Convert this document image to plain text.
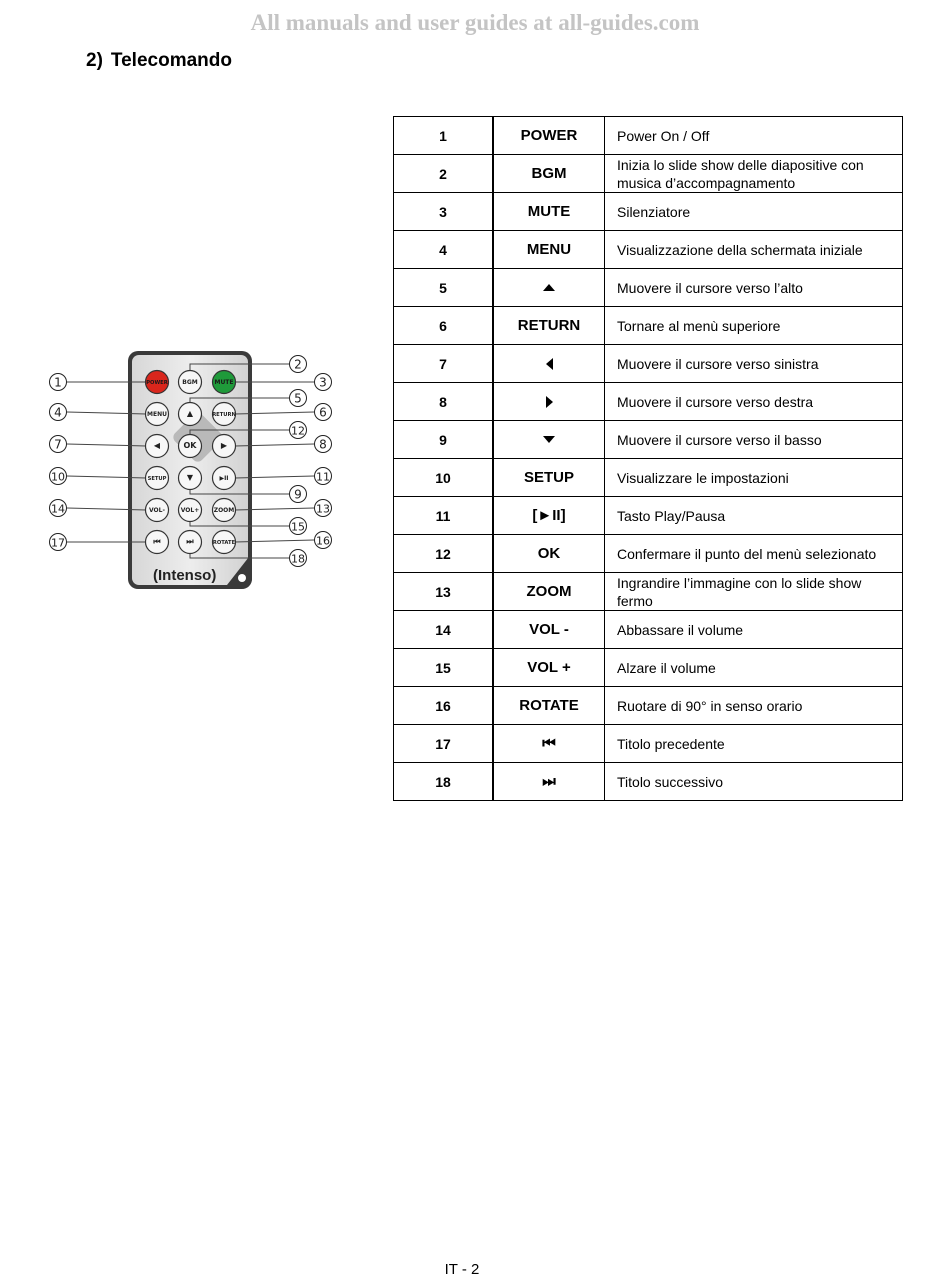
All manuals and user guides at all-guides.com
2) Telecomando
(Intenso)
POWER BGM	MUTE
MENU ▲	RETURN
◀	OK	▶
SETUP	▼	▶II
VOL-	VOL+ ZOOM
⏮	⏭	ROTATE
1
2
3
4
5
6
7	8
9
10	11
12
13
14
15
16
17
18
1	POWER	Power On / Off
2	BGM	Inizia lo slide show delle diapositive con musica d’accompagnamento
3	MUTE	Silenziatore
4	MENU	Visualizzazione della schermata iniziale
5		Muovere il cursore verso l’alto
6	RETURN	Tornare al menù superiore
7		Muovere il cursore verso sinistra
8		Muovere il cursore verso destra
9		Muovere il cursore verso il basso
10	SETUP	Visualizzare le impostazioni
11	[►II]	Tasto Play/Pausa
12	OK	Confermare il punto del menù selezionato
13	ZOOM	Ingrandire l’immagine con lo slide show fermo
14	VOL -	Abbassare il volume
15	VOL +	Alzare il volume
16	ROTATE	Ruotare di 90° in senso orario
17	⏮	Titolo precedente
18	⏭	Titolo successivo
IT - 2
